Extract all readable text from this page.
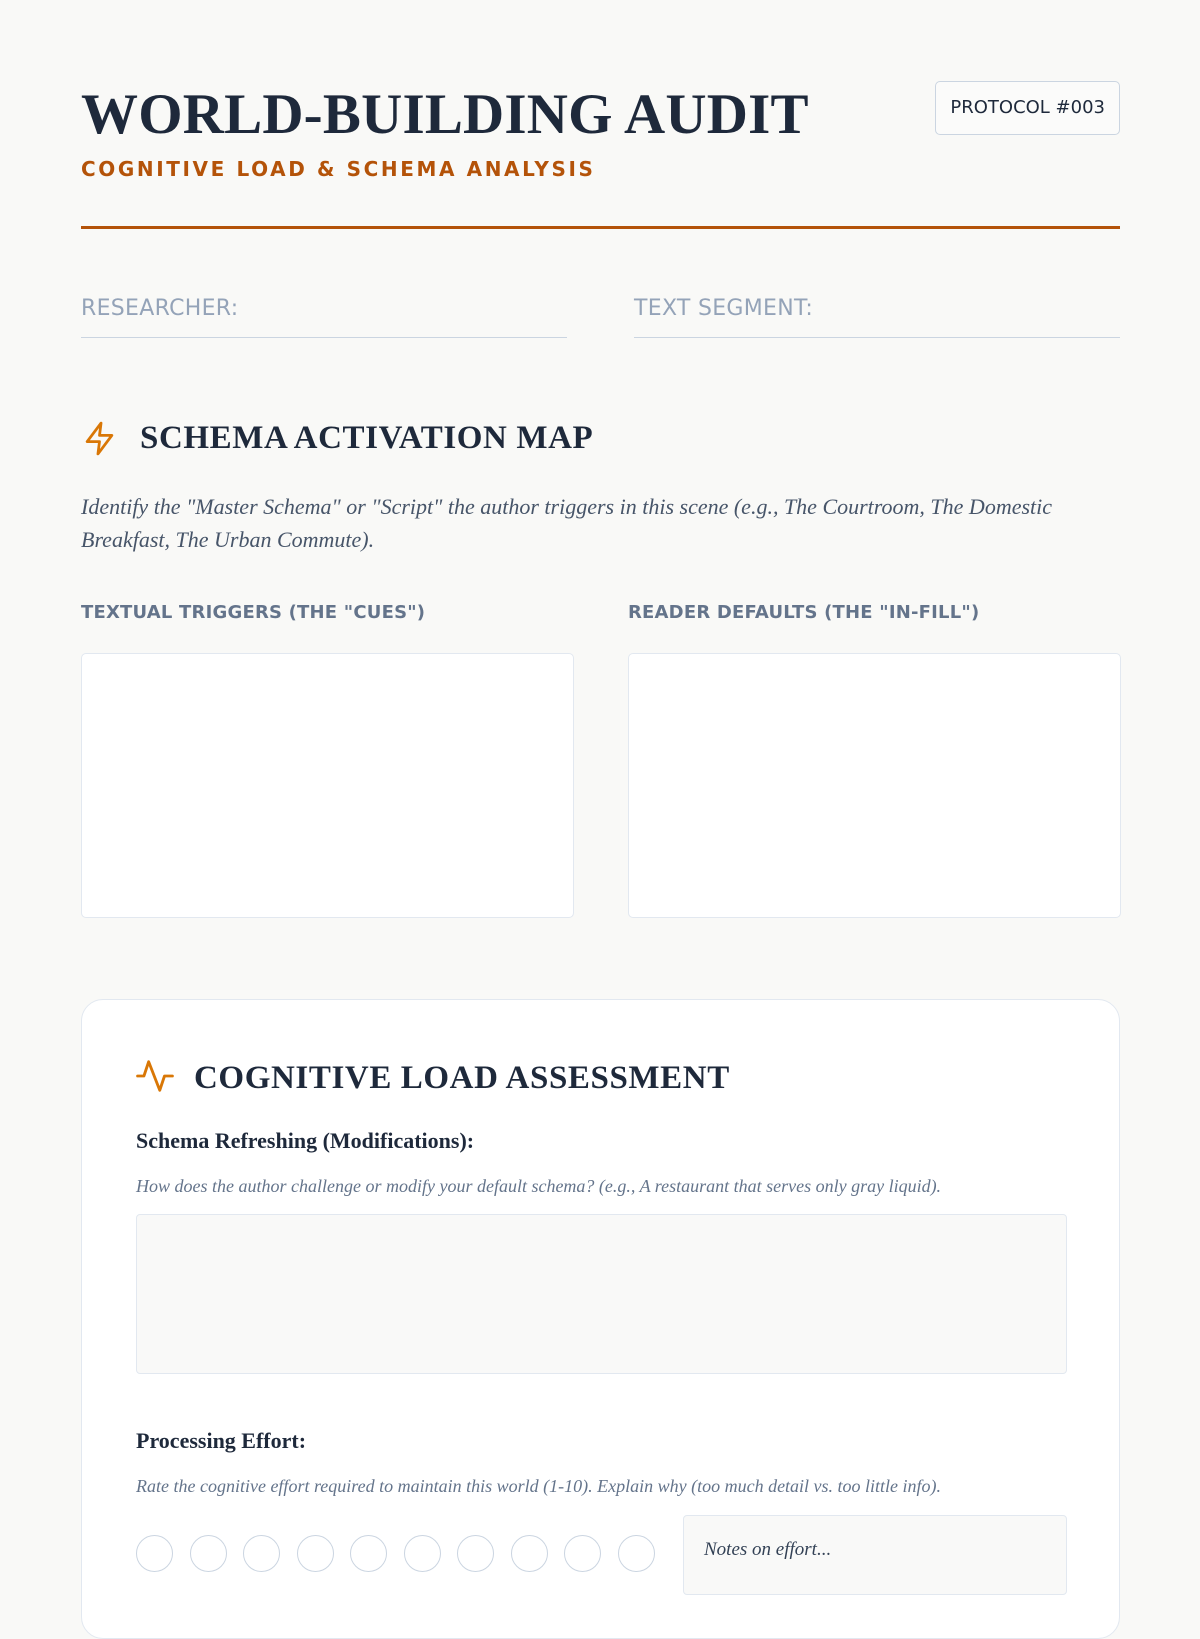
WORLD-BUILDING AUDIT
COGNITIVE LOAD & SCHEMA ANALYSIS
PROTOCOL #003
RESEARCHER:	TEXT SEGMENT:
SCHEMA ACTIVATION MAP
Identify the "Master Schema" or "Script" the author triggers in this scene (e.g., The Courtroom, The Domestic Breakfast, The Urban Commute).
TEXTUAL TRIGGERS (THE "CUES")	READER DEFAULTS (THE "IN-FILL")
COGNITIVE LOAD ASSESSMENT
Schema Refreshing (Modifications):
How does the author challenge or modify your default schema? (e.g., A restaurant that serves only gray liquid).
Processing Effort:
Rate the cognitive effort required to maintain this world (1-10). Explain why (too much detail vs. too little info).
Notes on effort...
